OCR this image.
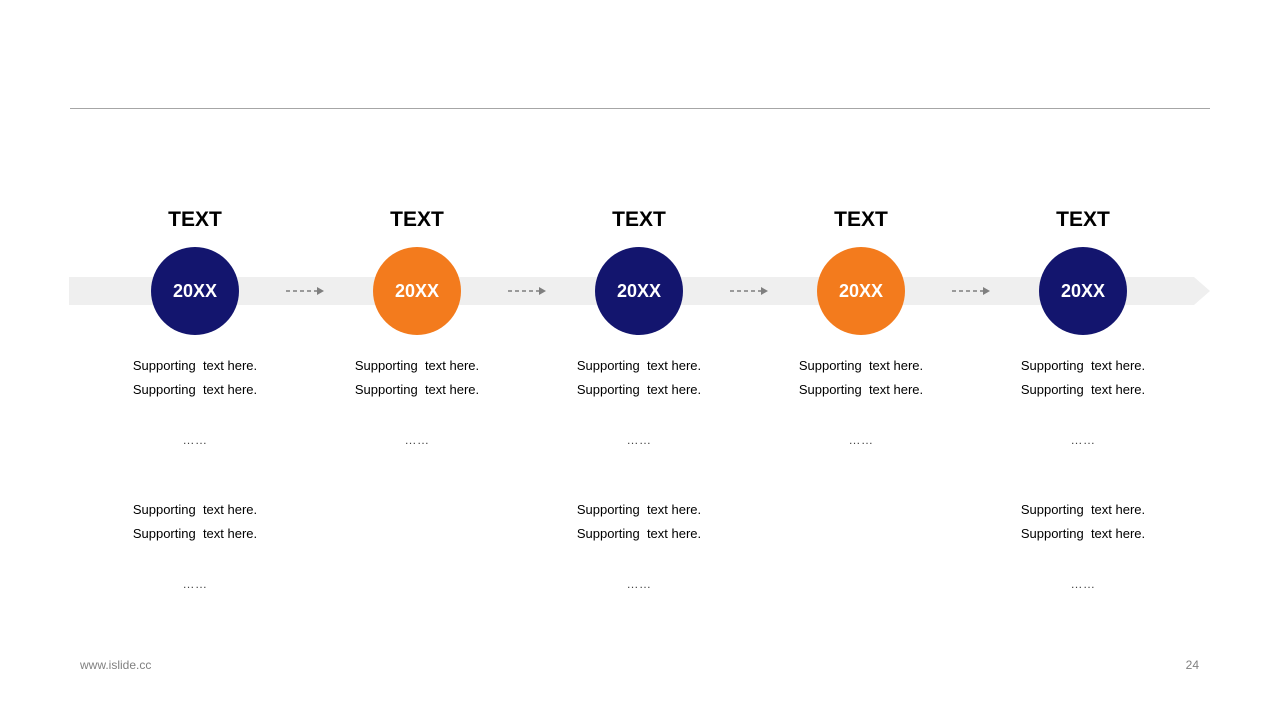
TEXT
20XX
Supporting  text here.
Supporting  text here.
……
Supporting  text here.
Supporting  text here.
……
TEXT
20XX
Supporting  text here.
Supporting  text here.
……
TEXT
20XX
Supporting  text here.
Supporting  text here.
……
Supporting  text here.
Supporting  text here.
……
TEXT
20XX
Supporting  text here.
Supporting  text here.
……
TEXT
20XX
Supporting  text here.
Supporting  text here.
……
Supporting  text here.
Supporting  text here.
……
www.islide.cc	24
